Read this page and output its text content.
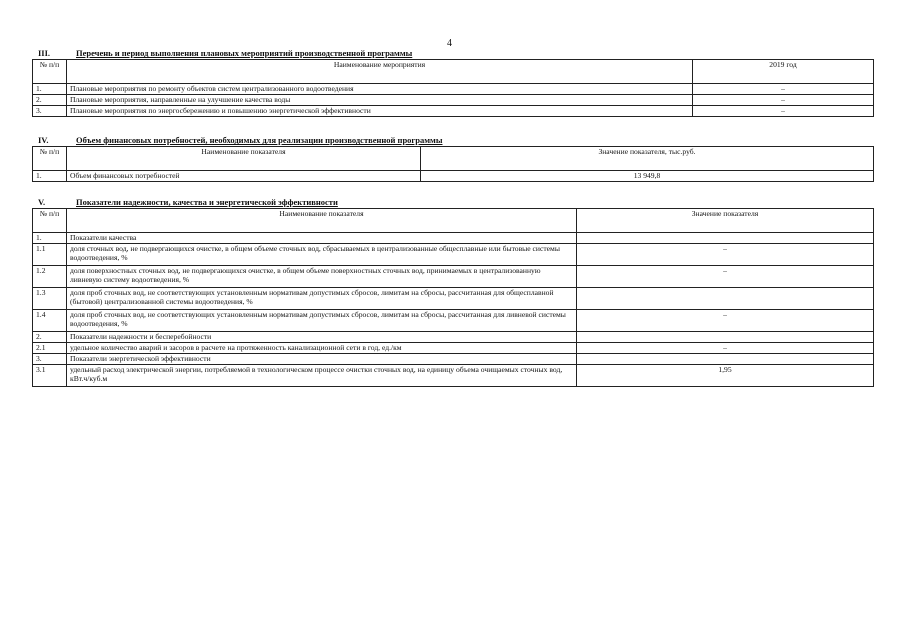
4
III.	Перечень и период выполнения плановых мероприятий производственной программы
№ п/п	Наименование мероприятия	2019 год
1.	Плановые мероприятия по ремонту объектов систем централизованного водоотведения	–
2.	Плановые мероприятия, направленные на улучшение качества воды	–
3.	Плановые мероприятия по энергосбережению и повышению энергетической эффективности	–
IV.	Объем финансовых потребностей, необходимых для реализации производственной программы
№ п/п	Наименование показателя	Значение показателя, тыс.руб.
1.	Объем финансовых потребностей	13 949,8
V.	Показатели надежности, качества и энергетической эффективности
№ п/п	Наименование показателя	Значение показателя
1.	Показатели качества	
1.1	доля сточных вод, не подвергающихся очистке, в общем объеме сточных вод, сбрасываемых в централизованные общесплавные или бытовые системы водоотведения, %	–
1.2	доля поверхностных сточных вод, не подвергающихся очистке, в общем объеме поверхностных сточных вод, принимаемых в централизованную ливневую систему водоотведения, %	–
1.3	доля проб сточных вод, не соответствующих установленным нормативам допустимых сбросов, лимитам на сбросы, рассчитанная для общесплавной (бытовой) централизованной системы водоотведения, %	
1.4	доля проб сточных вод, не соответствующих установленным нормативам допустимых сбросов, лимитам на сбросы, рассчитанная для ливневой системы водоотведения, %	–
2.	Показатели надежности и бесперебойности	
2.1	удельное количество аварий и засоров в расчете на протяженность канализационной сети в год, ед./км	–
3.	Показатели энергетической эффективности	
3.1	удельный расход электрической энергии, потребляемой в технологическом процессе очистки сточных вод, на единицу объема очищаемых сточных вод, кВт.ч/куб.м	1,95
